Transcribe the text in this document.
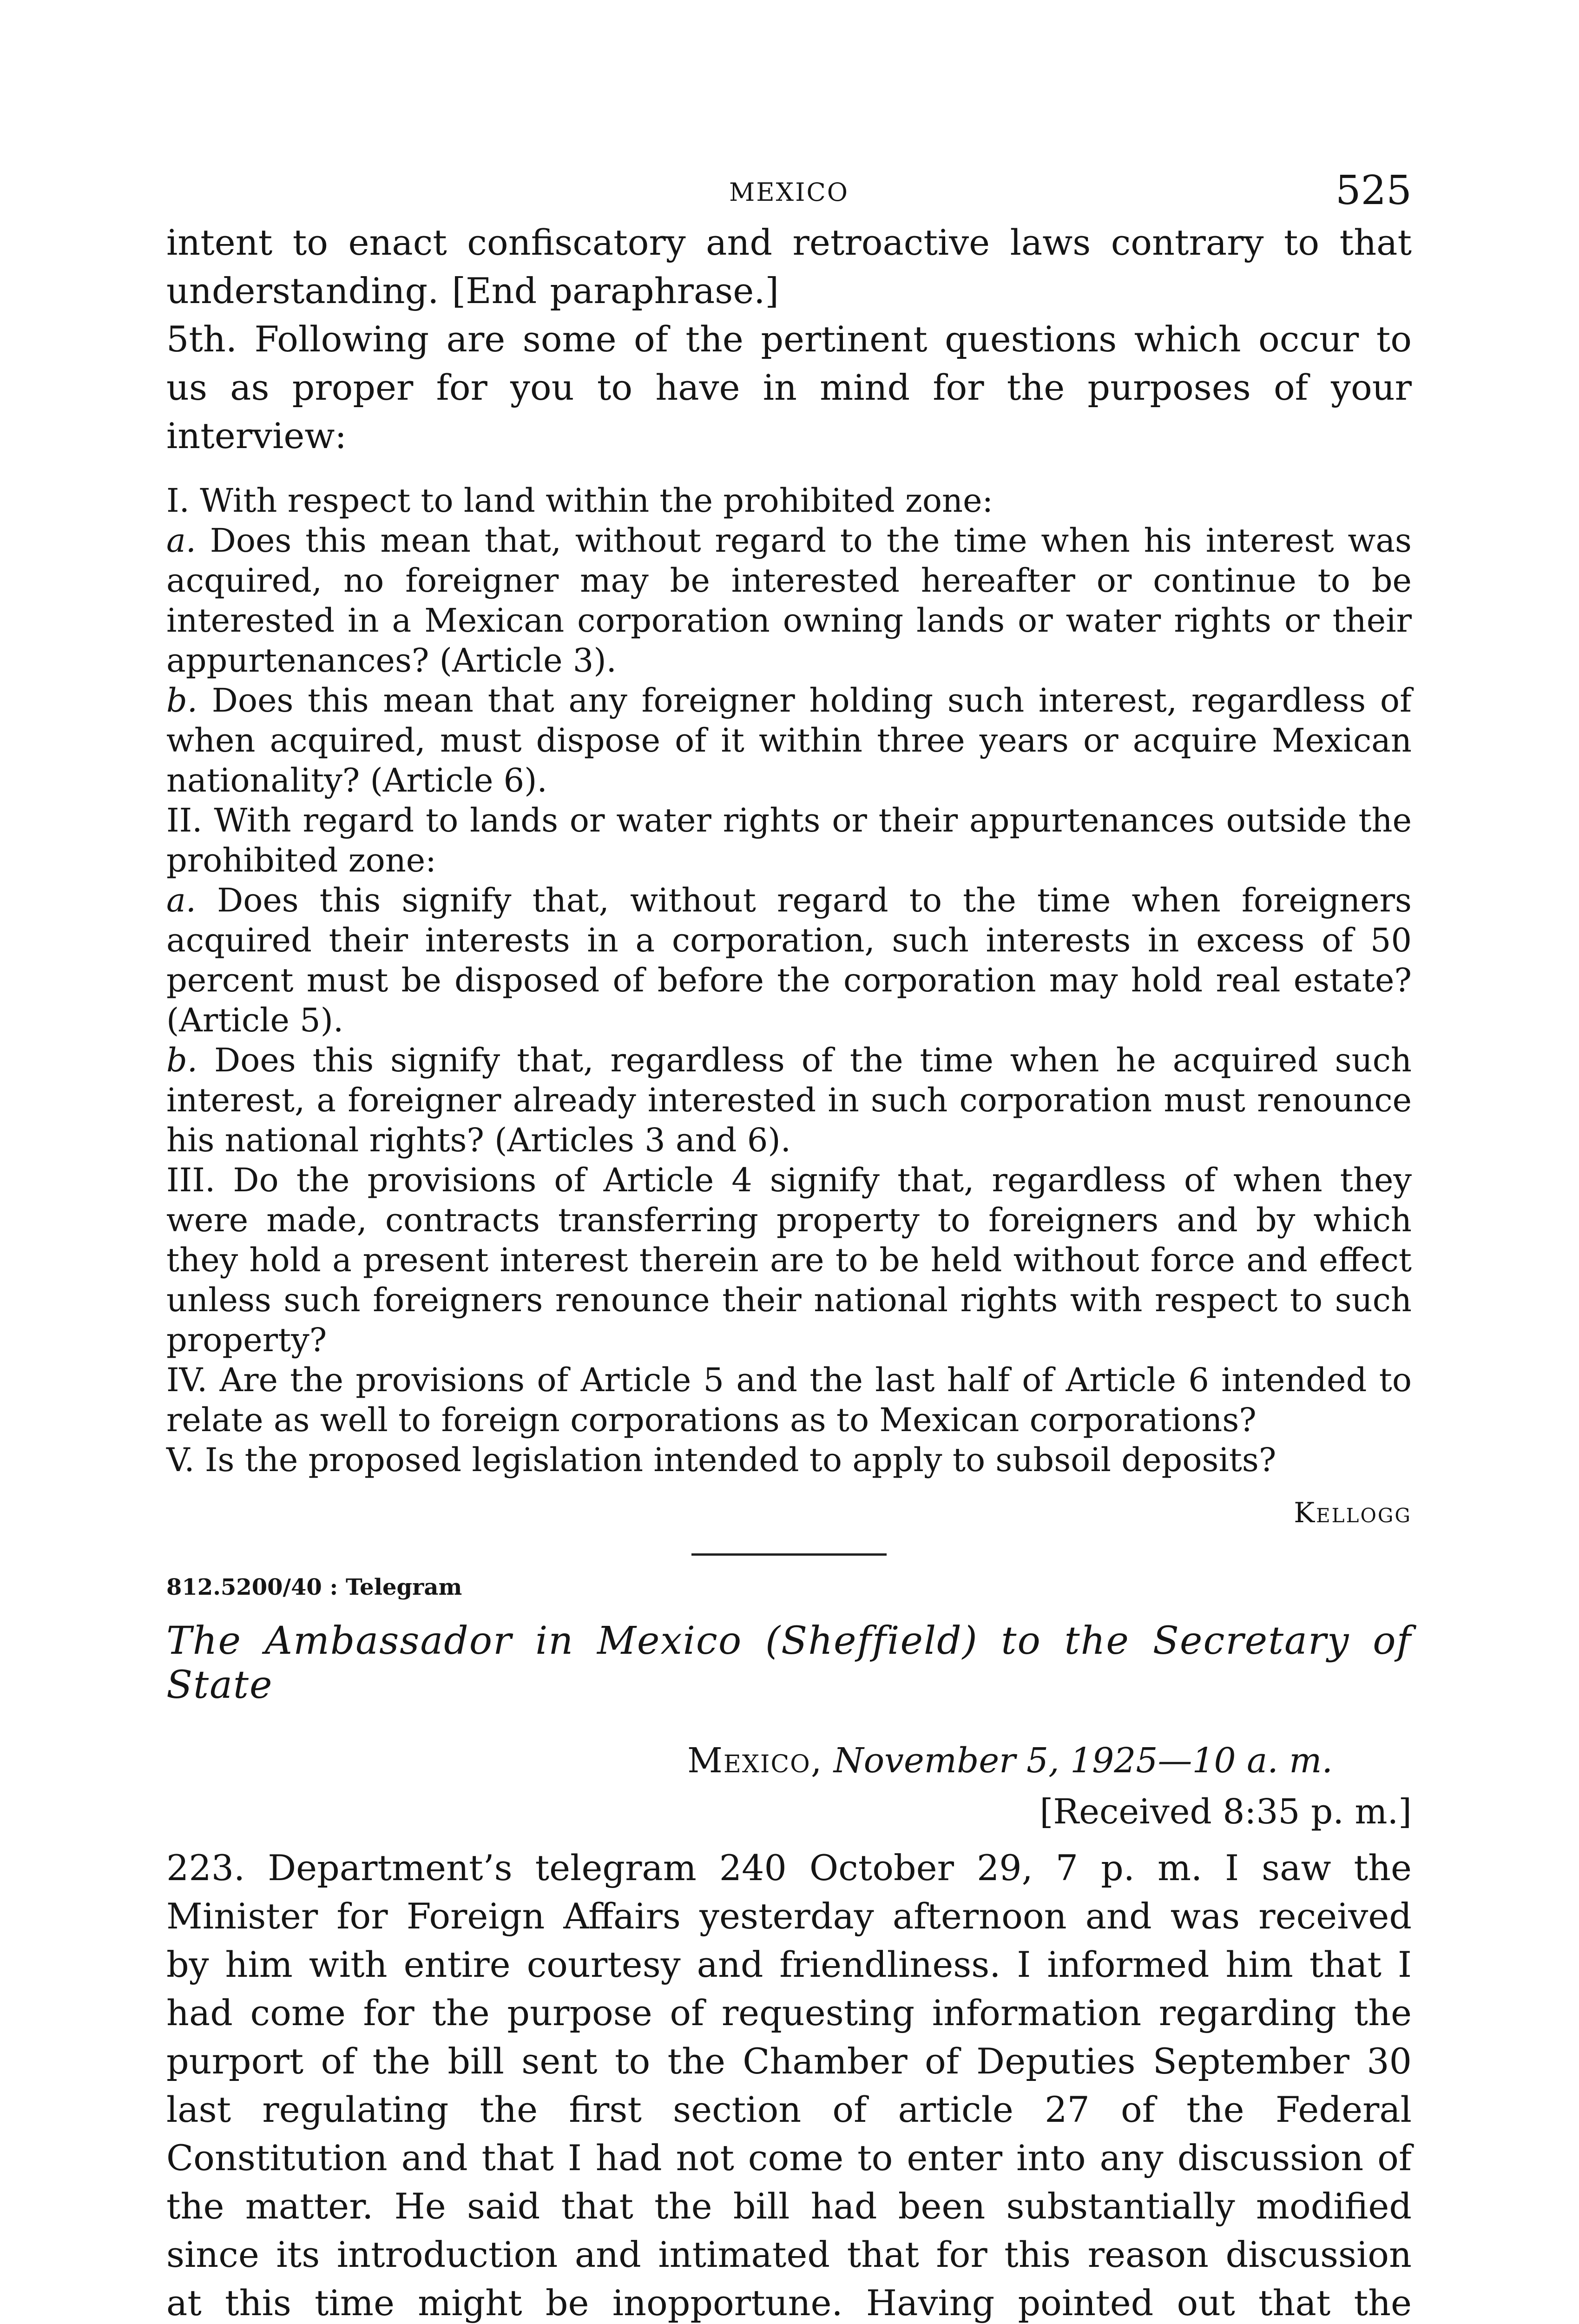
MEXICO	525

intent to enact confiscatory and retroactive laws contrary to that understanding. [End paraphrase.]

5th. Following are some of the pertinent questions which occur to us as proper for you to have in mind for the purposes of your interview:

I. With respect to land within the prohibited zone:

a. Does this mean that, without regard to the time when his interest was acquired, no foreigner may be interested hereafter or continue to be interested in a Mexican corporation owning lands or water rights or their appurtenances? (Article 3).

b. Does this mean that any foreigner holding such interest, regardless of when acquired, must dispose of it within three years or acquire Mexican nationality? (Article 6).

II. With regard to lands or water rights or their appurtenances outside the prohibited zone:

a. Does this signify that, without regard to the time when foreigners acquired their interests in a corporation, such interests in excess of 50 percent must be disposed of before the corporation may hold real estate? (Article 5).

b. Does this signify that, regardless of the time when he acquired such interest, a foreigner already interested in such corporation must renounce his national rights? (Articles 3 and 6).

III. Do the provisions of Article 4 signify that, regardless of when they were made, contracts transferring property to foreigners and by which they hold a present interest therein are to be held without force and effect unless such foreigners renounce their national rights with respect to such property?

IV. Are the provisions of Article 5 and the last half of Article 6 intended to relate as well to foreign corporations as to Mexican corporations?

V. Is the proposed legislation intended to apply to subsoil deposits?

Kellogg
812.5200/40 : Telegram
The Ambassador in Mexico (Sheffield) to the Secretary of State
Mexico, November 5, 1925—10 a. m.
[Received 8:35 p. m.]

223. Department’s telegram 240 October 29, 7 p. m. I saw the Minister for Foreign Affairs yesterday afternoon and was received by him with entire courtesy and friendliness. I informed him that I had come for the purpose of requesting information regarding the purport of the bill sent to the Chamber of Deputies September 30 last regulating the first section of article 27 of the Federal Constitution and that I had not come to enter into any discussion of the matter. He said that the bill had been substantially modified since its introduction and intimated that for this reason discussion at this time might be inopportune. Having pointed out that the
